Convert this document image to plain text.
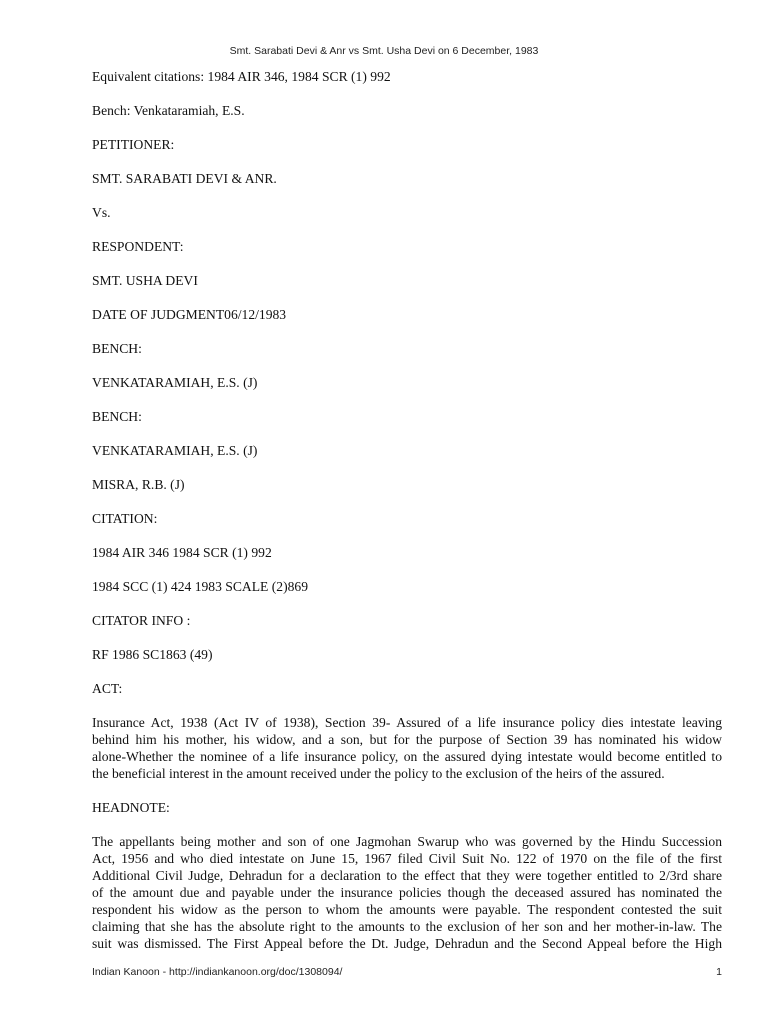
Smt. Sarabati Devi & Anr vs Smt. Usha Devi on 6 December, 1983
Equivalent citations: 1984 AIR 346, 1984 SCR (1) 992
Bench: Venkataramiah, E.S.
PETITIONER:
SMT. SARABATI DEVI & ANR.
Vs.
RESPONDENT:
SMT. USHA DEVI
DATE OF JUDGMENT06/12/1983
BENCH:
VENKATARAMIAH, E.S. (J)
BENCH:
VENKATARAMIAH, E.S. (J)
MISRA, R.B. (J)
CITATION:
1984 AIR 346 1984 SCR (1) 992
1984 SCC (1) 424 1983 SCALE (2)869
CITATOR INFO :
RF 1986 SC1863 (49)
ACT:
Insurance Act, 1938 (Act IV of 1938), Section 39- Assured of a life insurance policy dies intestate leaving
behind him his mother, his widow, and a son, but for the purpose of Section 39 has nominated his widow
alone-Whether the nominee of a life insurance policy, on the assured dying intestate would become entitled to
the beneficial interest in the amount received under the policy to the exclusion of the heirs of the assured.
HEADNOTE:
The appellants being mother and son of one Jagmohan Swarup who was governed by the Hindu Succession
Act, 1956 and who died intestate on June 15, 1967 filed Civil Suit No. 122 of 1970 on the file of the first
Additional Civil Judge, Dehradun for a declaration to the effect that they were together entitled to 2/3rd share
of the amount due and payable under the insurance policies though the deceased assured has nominated the
respondent his widow as the person to whom the amounts were payable. The respondent contested the suit
claiming that she has the absolute right to the amounts to the exclusion of her son and her mother-in-law. The
suit was dismissed. The First Appeal before the Dt. Judge, Dehradun and the Second Appeal before the High
Indian Kanoon - http://indiankanoon.org/doc/1308094/	1
